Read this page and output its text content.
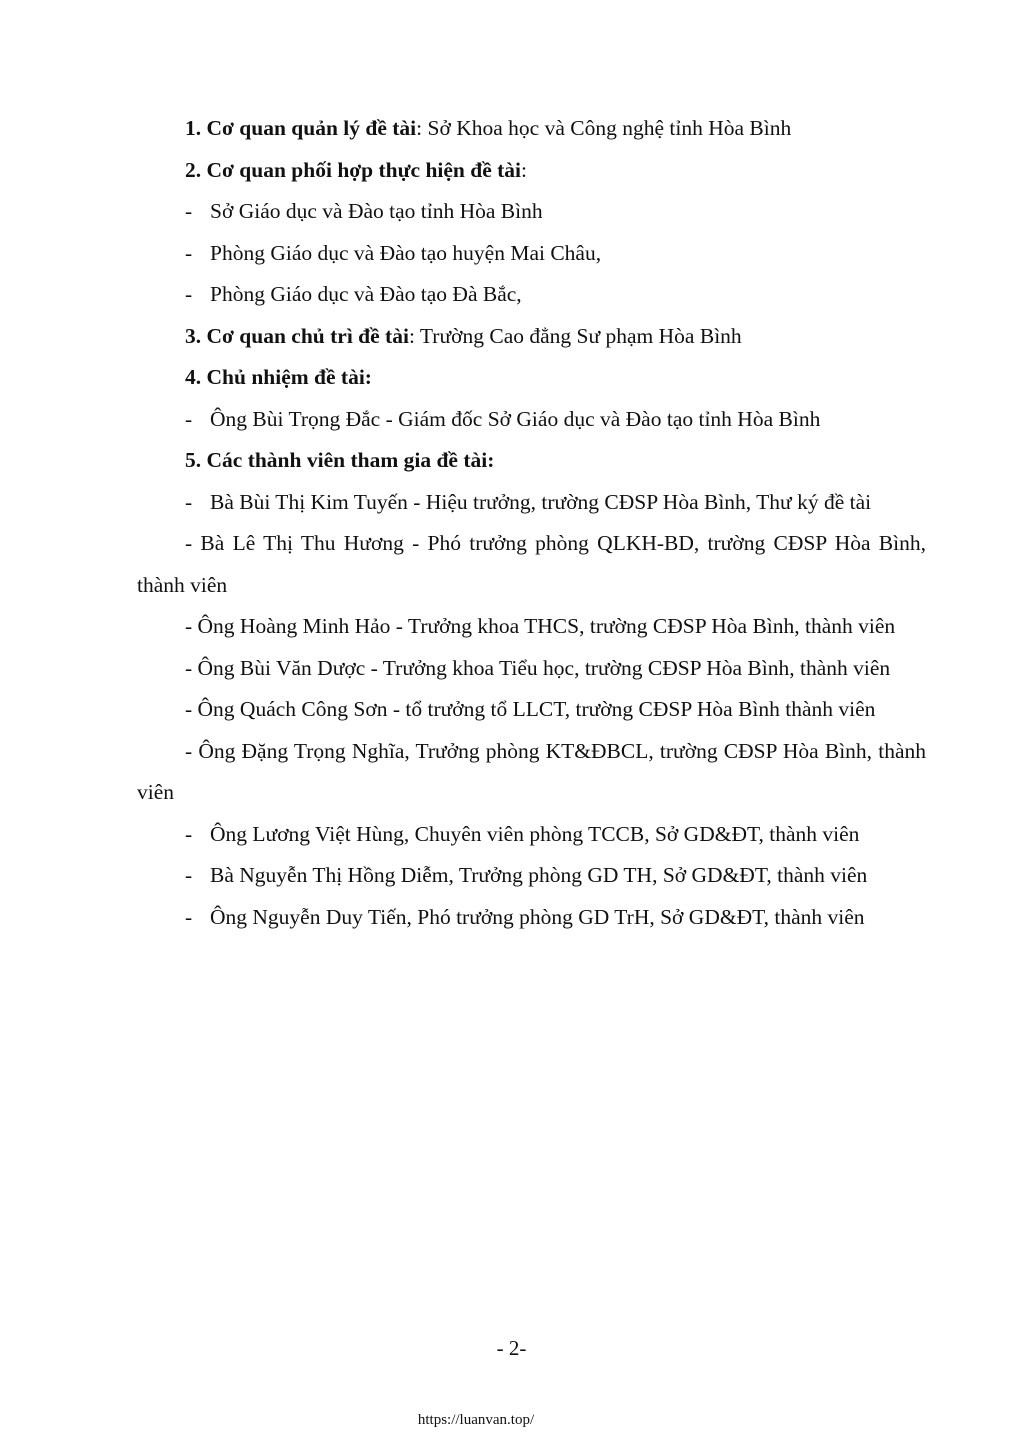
1. Cơ quan quản lý đề tài: Sở Khoa học và Công nghệ tỉnh Hòa Bình
2. Cơ quan phối hợp thực hiện đề tài:
- Sở Giáo dục và Đào tạo tỉnh Hòa Bình
- Phòng Giáo dục và Đào tạo huyện Mai Châu,
- Phòng Giáo dục và Đào tạo Đà Bắc,
3. Cơ quan chủ trì đề tài: Trường Cao đẳng Sư phạm Hòa Bình
4. Chủ nhiệm đề tài:
- Ông Bùi Trọng Đắc - Giám đốc Sở Giáo dục và Đào tạo tỉnh Hòa Bình
5. Các thành viên tham gia đề tài:
- Bà Bùi Thị Kim Tuyến - Hiệu trưởng, trường CĐSP Hòa Bình, Thư ký đề tài
- Bà Lê Thị Thu Hương - Phó trưởng phòng QLKH-BD, trường CĐSP Hòa Bình, thành viên
- Ông Hoàng Minh Hảo - Trưởng khoa THCS, trường CĐSP Hòa Bình, thành viên
- Ông Bùi Văn Dược - Trưởng khoa Tiểu học, trường CĐSP Hòa Bình, thành viên
- Ông Quách Công Sơn - tổ trưởng tổ LLCT, trường CĐSP Hòa Bình thành viên
- Ông Đặng Trọng Nghĩa, Trưởng phòng KT&ĐBCL, trường CĐSP Hòa Bình, thành viên
- Ông Lương Việt Hùng, Chuyên viên phòng TCCB, Sở GD&ĐT, thành viên
- Bà Nguyễn Thị Hồng Diễm, Trưởng phòng GD TH, Sở GD&ĐT, thành viên
- Ông Nguyễn Duy Tiến, Phó trưởng phòng GD TrH, Sở GD&ĐT, thành viên
- 2-
https://luanvan.top/
